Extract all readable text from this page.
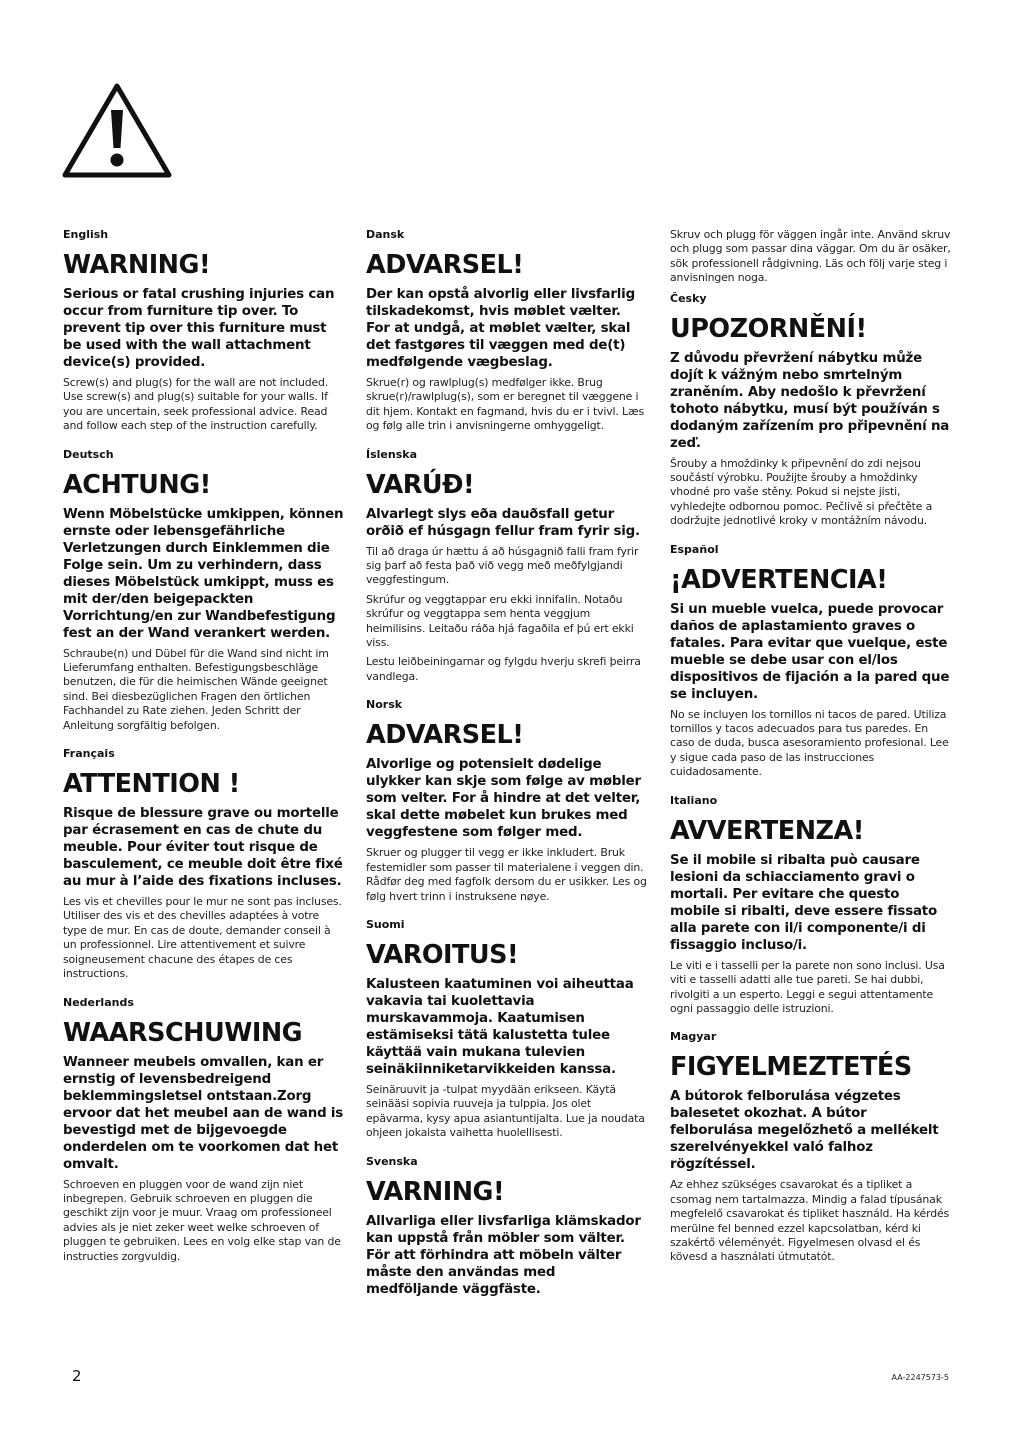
English
WARNING!
Serious or fatal crushing injuries can occur from furniture tip over. To prevent tip over this furniture must be used with the wall attachment device(s) provided.
Screw(s) and plug(s) for the wall are not included. Use screw(s) and plug(s) suitable for your walls. If you are uncertain, seek professional advice. Read and follow each step of the instruction carefully.
Deutsch
ACHTUNG!
Wenn Möbelstücke umkippen, können ernste oder lebensgefährliche Verletzungen durch Einklemmen die Folge sein. Um zu verhindern, dass dieses Möbelstück umkippt, muss es mit der/den beigepackten Vorrichtung/en zur Wandbefestigung fest an der Wand verankert werden.
Schraube(n) und Dübel für die Wand sind nicht im Lieferumfang enthalten. Befestigungsbeschläge benutzen, die für die heimischen Wände geeignet sind. Bei diesbezüglichen Fragen den örtlichen Fachhandel zu Rate ziehen. Jeden Schritt der Anleitung sorgfältig befolgen.
Français
ATTENTION !
Risque de blessure grave ou mortelle par écrasement en cas de chute du meuble. Pour éviter tout risque de basculement, ce meuble doit être fixé au mur à l’aide des fixations incluses.
Les vis et chevilles pour le mur ne sont pas incluses. Utiliser des vis et des chevilles adaptées à votre type de mur. En cas de doute, demander conseil à un professionnel. Lire attentivement et suivre soigneusement chacune des étapes de ces instructions.
Nederlands
WAARSCHUWING
Wanneer meubels omvallen, kan er ernstig of levensbedreigend beklemmingsletsel ontstaan.Zorg ervoor dat het meubel aan de wand is bevestigd met de bijgevoegde onderdelen om te voorkomen dat het omvalt.
Schroeven en pluggen voor de wand zijn niet inbegrepen. Gebruik schroeven en pluggen die geschikt zijn voor je muur. Vraag om professioneel advies als je niet zeker weet welke schroeven of pluggen te gebruiken. Lees en volg elke stap van de instructies zorgvuldig.
Dansk
ADVARSEL!
Der kan opstå alvorlig eller livsfarlig tilskadekomst, hvis møblet vælter. For at undgå, at møblet vælter, skal det fastgøres til væggen med de(t) medfølgende vægbeslag.
Skrue(r) og rawlplug(s) medfølger ikke. Brug skrue(r)/rawlplug(s), som er beregnet til væggene i dit hjem. Kontakt en fagmand, hvis du er i tvivl. Læs og følg alle trin i anvisningerne omhyggeligt.
Íslenska
VARÚÐ!
Alvarlegt slys eða dauðsfall getur orðið ef húsgagn fellur fram fyrir sig.
Til að draga úr hættu á að húsgagnið falli fram fyrir sig þarf að festa það við vegg með meðfylgjandi veggfestingum.
Skrúfur og veggtappar eru ekki innifalin. Notaðu skrúfur og veggtappa sem henta veggjum heimilisins. Leitaðu ráða hjá fagaðila ef þú ert ekki viss.
Lestu leiðbeiningarnar og fylgdu hverju skrefi þeirra vandlega.
Norsk
ADVARSEL!
Alvorlige og potensielt dødelige ulykker kan skje som følge av møbler som velter. For å hindre at det velter, skal dette møbelet kun brukes med veggfestene som følger med.
Skruer og plugger til vegg er ikke inkludert. Bruk festemidler som passer til materialene i veggen din. Rådfør deg med fagfolk dersom du er usikker. Les og følg hvert trinn i instruksene nøye.
Suomi
VAROITUS!
Kalusteen kaatuminen voi aiheuttaa vakavia tai kuolettavia murskavammoja. Kaatumisen estämiseksi tätä kalustetta tulee käyttää vain mukana tulevien seinäkiinniketarvikkeiden kanssa.
Seinäruuvit ja -tulpat myydään erikseen. Käytä seinääsi sopivia ruuveja ja tulppia. Jos olet epävarma, kysy apua asiantuntijalta. Lue ja noudata ohjeen jokaista vaihetta huolellisesti.
Svenska
VARNING!
Allvarliga eller livsfarliga klämskador kan uppstå från möbler som välter. För att förhindra att möbeln välter måste den användas med medföljande väggfäste.
Skruv och plugg för väggen ingår inte. Använd skruv och plugg som passar dina väggar. Om du är osäker, sök professionell rådgivning. Läs och följ varje steg i anvisningen noga.
Česky
UPOZORNĚNÍ!
Z důvodu převržení nábytku může dojít k vážným nebo smrtelným zraněním. Aby nedošlo k převržení tohoto nábytku, musí být používán s dodaným zařízením pro připevnění na zeď.
Šrouby a hmoždinky k připevnění do zdi nejsou součástí výrobku. Použijte šrouby a hmoždinky vhodné pro vaše stěny. Pokud si nejste jisti, vyhledejte odbornou pomoc. Pečlivě si přečtěte a dodržujte jednotlivé kroky v montážním návodu.
Español
¡ADVERTENCIA!
Si un mueble vuelca, puede provocar daños de aplastamiento graves o fatales. Para evitar que vuelque, este mueble se debe usar con el/los dispositivos de fijación a la pared que se incluyen.
No se incluyen los tornillos ni tacos de pared. Utiliza tornillos y tacos adecuados para tus paredes. En caso de duda, busca asesoramiento profesional. Lee y sigue cada paso de las instrucciones cuidadosamente.
Italiano
AVVERTENZA!
Se il mobile si ribalta può causare lesioni da schiacciamento gravi o mortali. Per evitare che questo mobile si ribalti, deve essere fissato alla parete con il/i componente/i di fissaggio incluso/i.
Le viti e i tasselli per la parete non sono inclusi. Usa viti e tasselli adatti alle tue pareti. Se hai dubbi, rivolgiti a un esperto. Leggi e segui attentamente ogni passaggio delle istruzioni.
Magyar
FIGYELMEZTETÉS
A bútorok felborulása végzetes balesetet okozhat. A bútor felborulása megelőzhető a mellékelt szerelvényekkel való falhoz rögzítéssel.
Az ehhez szükséges csavarokat és a tipliket a csomag nem tartalmazza. Mindig a falad típusának megfelelő csavarokat és tipliket használd. Ha kérdés merülne fel benned ezzel kapcsolatban, kérd ki szakértő véleményét. Figyelmesen olvasd el és kövesd a használati útmutatót.
2	AA-2247573-5
